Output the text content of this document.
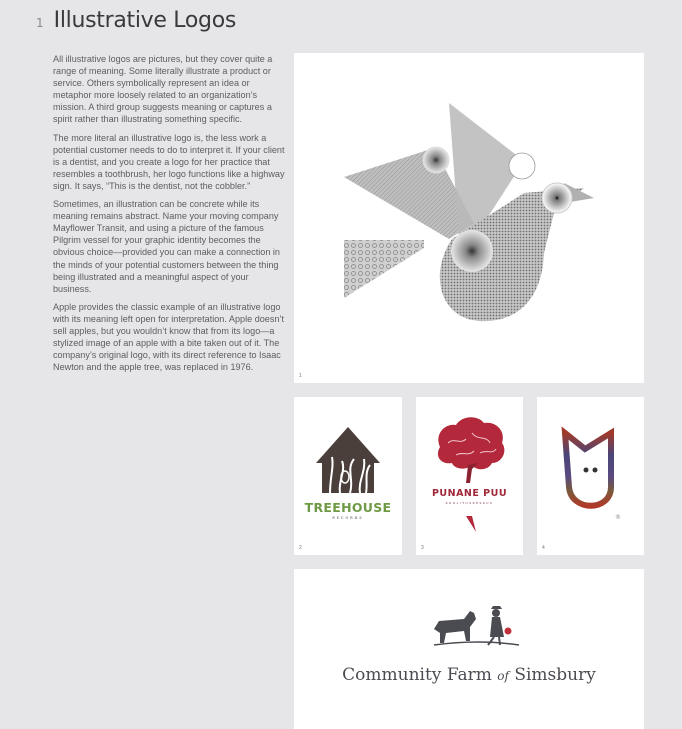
1 Illustrative Logos

All illustrative logos are pictures, but they cover quite a range of meaning. Some literally illustrate a product or service. Others symbolically represent an idea or metaphor more loosely related to an organization’s mission. A third group suggests meaning or captures a spirit rather than illustrating something specific.

The more literal an illustrative logo is, the less work a potential customer needs to do to interpret it. If your client is a dentist, and you create a logo for her practice that resembles a toothbrush, her logo functions like a highway sign. It says, “This is the dentist, not the cobbler.”

Sometimes, an illustration can be concrete while its meaning remains abstract. Name your moving company Mayflower Transit, and using a picture of the famous Pilgrim vessel for your graphic identity becomes the obvious choice—provided you can make a connection in the minds of your potential customers between the thing being illustrated and a meaningful aspect of your business.

Apple provides the classic example of an illustrative logo with its meaning left open for interpretation. Apple doesn’t sell apples, but you wouldn’t know that from its logo—a stylized image of an apple with a bite taken out of it. The company’s original logo, with its direct reference to Isaac Newton and the apple tree, was replaced in 1976.

1
TREEHOUSE
RECORDS
2
PUNANE PUU
KOOLITUSKESKUS
3
®
4
Community Farm of Simsbury
